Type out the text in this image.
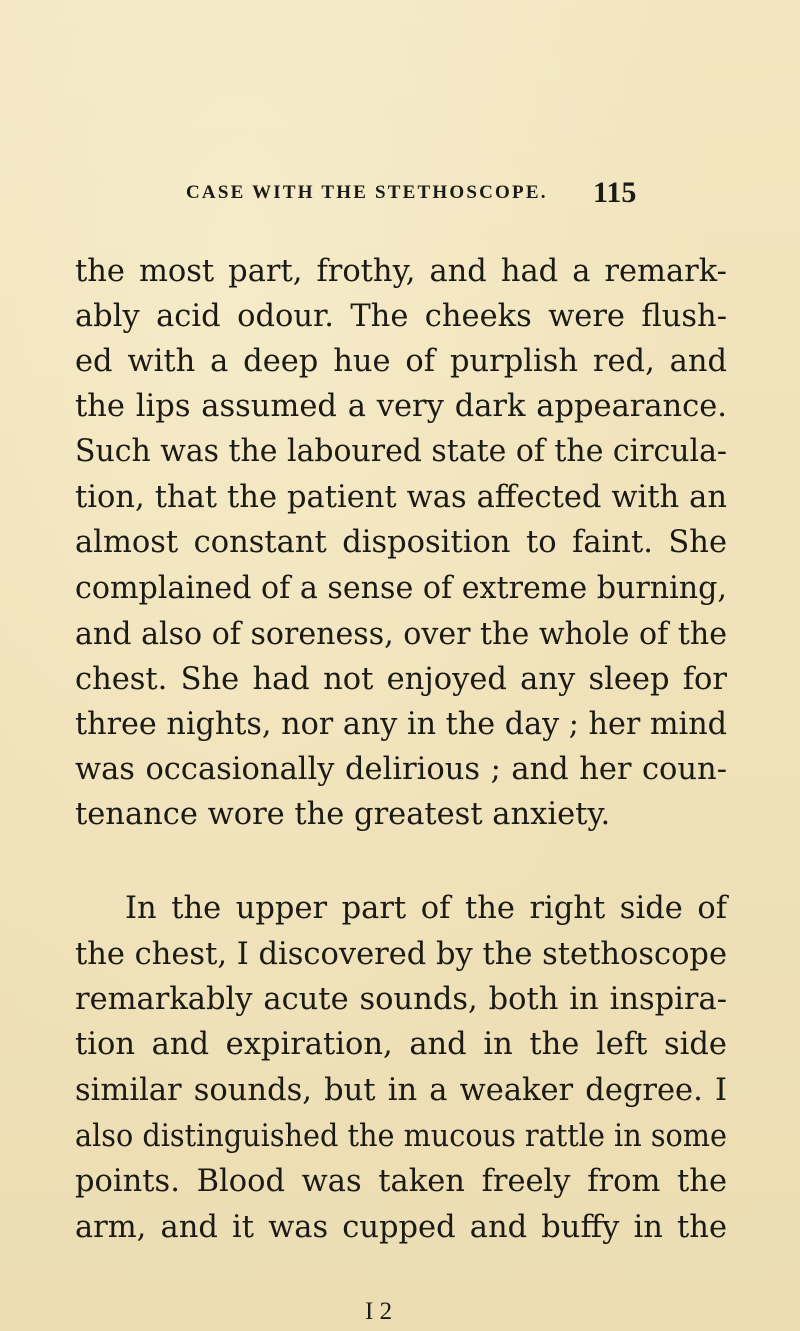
CASE WITH THE STETHOSCOPE. 115
the most part, frothy, and had a remark-
ably acid odour. The cheeks were flush-
ed with a deep hue of purplish red, and
the lips assumed a very dark appearance.
Such was the laboured state of the circula-
tion, that the patient was affected with an
almost constant disposition to faint. She
complained of a sense of extreme burning,
and also of soreness, over the whole of the
chest. She had not enjoyed any sleep for
three nights, nor any in the day ; her mind
was occasionally delirious ; and her coun-
tenance wore the greatest anxiety.
In the upper part of the right side of
the chest, I discovered by the stethoscope
remarkably acute sounds, both in inspira-
tion and expiration, and in the left side
similar sounds, but in a weaker degree. I
also distinguished the mucous rattle in some
points. Blood was taken freely from the
arm, and it was cupped and buffy in the
I 2
